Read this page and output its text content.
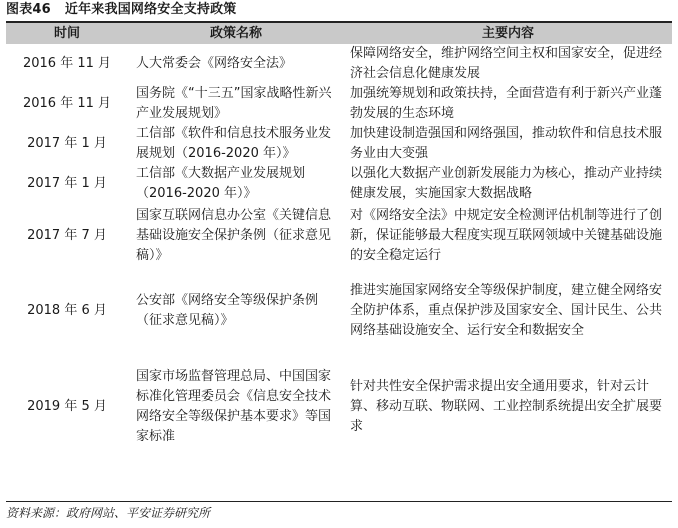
图表46 近年来我国网络安全支持政策
时间	政策名称	主要内容
2016 年 11 月	人大常委会《网络安全法》	保障网络安全，维护网络空间主权和国家安全，促进经济社会信息化健康发展
2016 年 11 月	国务院《“十三五”国家战略性新兴产业发展规划》	加强统筹规划和政策扶持，全面营造有利于新兴产业蓬勃发展的生态环境
2017 年 1 月	工信部《软件和信息技术服务业发展规划（2016-2020 年）》	加快建设制造强国和网络强国，推动软件和信息技术服务业由大变强
2017 年 1 月	工信部《大数据产业发展规划（2016-2020 年）》	以强化大数据产业创新发展能力为核心，推动产业持续健康发展，实施国家大数据战略
2017 年 7 月	国家互联网信息办公室《关键信息基础设施安全保护条例（征求意见稿）》	对《网络安全法》中规定安全检测评估机制等进行了创新，保证能够最大程度实现互联网领域中关键基础设施的安全稳定运行
2018 年 6 月	公安部《网络安全等级保护条例（征求意见稿）》	推进实施国家网络安全等级保护制度，建立健全网络安全防护体系，重点保护涉及国家安全、国计民生、公共网络基础设施安全、运行安全和数据安全
2019 年 5 月	国家市场监督管理总局、中国国家标准化管理委员会《信息安全技术网络安全等级保护基本要求》等国家标准	针对共性安全保护需求提出安全通用要求，针对云计算、移动互联、物联网、工业控制系统提出安全扩展要求
资料来源：政府网站、平安证券研究所
